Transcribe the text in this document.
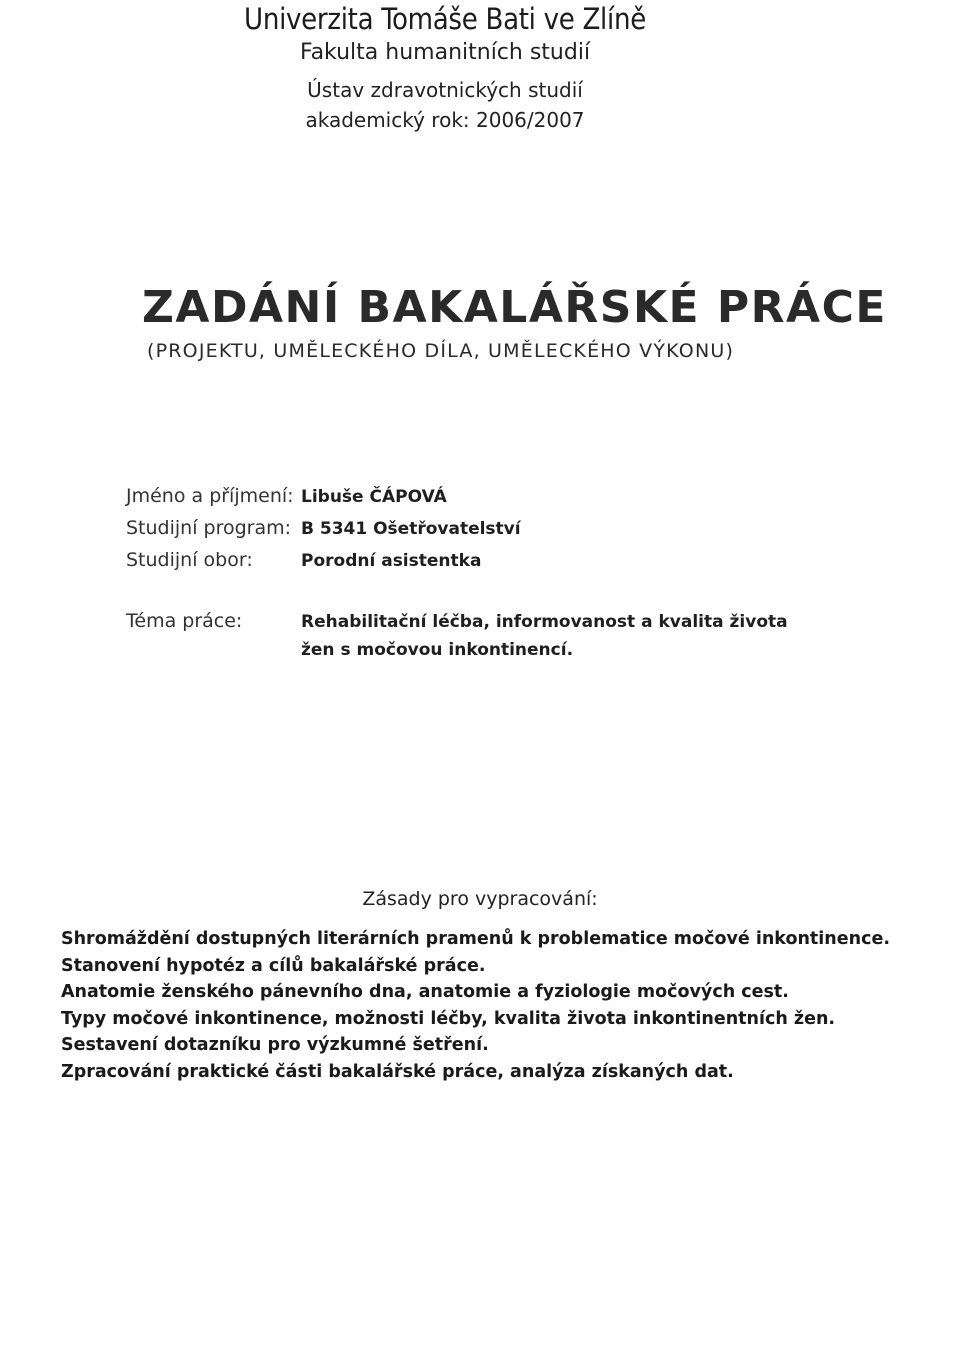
Univerzita Tomáše Bati ve Zlíně
Fakulta humanitních studií
Ústav zdravotnických studií
akademický rok: 2006/2007
ZADÁNÍ BAKALÁŘSKÉ PRÁCE
(PROJEKTU, UMĚLECKÉHO DÍLA, UMĚLECKÉHO VÝKONU)
Jméno a příjmení: Libuše ČÁPOVÁ
Studijní program: B 5341 Ošetřovatelství
Studijní obor:	Porodní asistentka
Téma práce:	Rehabilitační léčba, informovanost a kvalita života
žen s močovou inkontinencí.
Zásady pro vypracování:
Shromáždění dostupných literárních pramenů k problematice močové inkontinence.
Stanovení hypotéz a cílů bakalářské práce.
Anatomie ženského pánevního dna, anatomie a fyziologie močových cest.
Typy močové inkontinence, možnosti léčby, kvalita života inkontinentních žen.
Sestavení dotazníku pro výzkumné šetření.
Zpracování praktické části bakalářské práce, analýza získaných dat.
